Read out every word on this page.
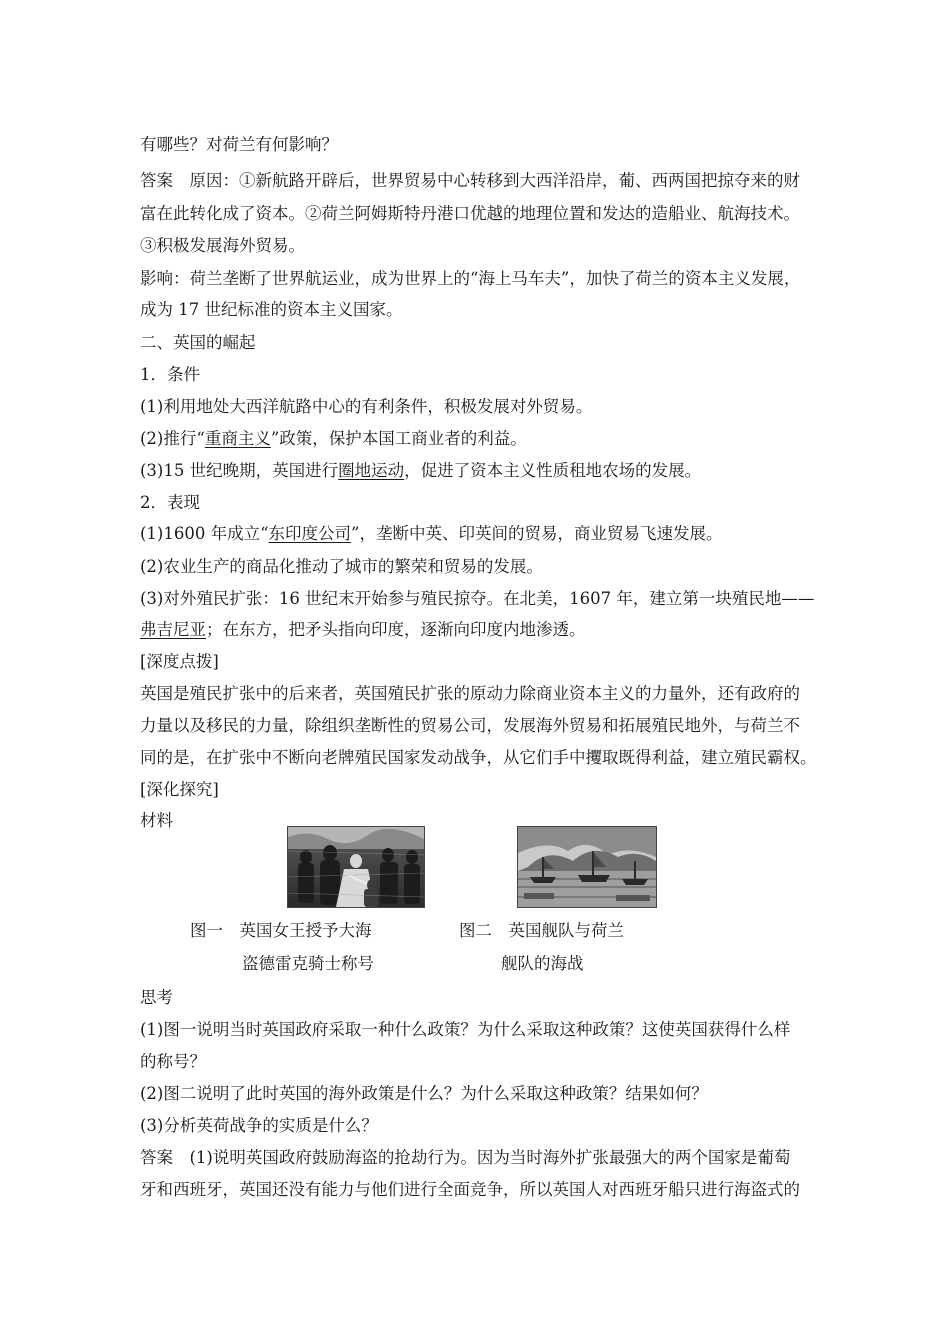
有哪些？对荷兰有何影响？
答案　原因：①新航路开辟后，世界贸易中心转移到大西洋沿岸，葡、西两国把掠夺来的财
富在此转化成了资本。②荷兰阿姆斯特丹港口优越的地理位置和发达的造船业、航海技术。
③积极发展海外贸易。
影响：荷兰垄断了世界航运业，成为世界上的“海上马车夫”，加快了荷兰的资本主义发展，
成为 17 世纪标准的资本主义国家。
二、英国的崛起
1．条件
(1)利用地处大西洋航路中心的有利条件，积极发展对外贸易。
(2)推行“重商主义”政策，保护本国工商业者的利益。
(3)15 世纪晚期，英国进行圈地运动，促进了资本主义性质租地农场的发展。
2．表现
(1)1600 年成立“东印度公司”，垄断中英、印英间的贸易，商业贸易飞速发展。
(2)农业生产的商品化推动了城市的繁荣和贸易的发展。
(3)对外殖民扩张：16 世纪末开始参与殖民掠夺。在北美，1607 年，建立第一块殖民地——
弗吉尼亚；在东方，把矛头指向印度，逐渐向印度内地渗透。
[深度点拨]
英国是殖民扩张中的后来者，英国殖民扩张的原动力除商业资本主义的力量外，还有政府的
力量以及移民的力量，除组织垄断性的贸易公司，发展海外贸易和拓展殖民地外，与荷兰不
同的是，在扩张中不断向老牌殖民国家发动战争，从它们手中攫取既得利益，建立殖民霸权。
[深化探究]
材料
图一　英国女王授予大海
盗德雷克骑士称号
图二　英国舰队与荷兰
舰队的海战
思考
(1)图一说明当时英国政府采取一种什么政策？为什么采取这种政策？这使英国获得什么样
的称号？
(2)图二说明了此时英国的海外政策是什么？为什么采取这种政策？结果如何？
(3)分析英荷战争的实质是什么？
答案　(1)说明英国政府鼓励海盗的抢劫行为。因为当时海外扩张最强大的两个国家是葡萄
牙和西班牙，英国还没有能力与他们进行全面竞争，所以英国人对西班牙船只进行海盗式的
